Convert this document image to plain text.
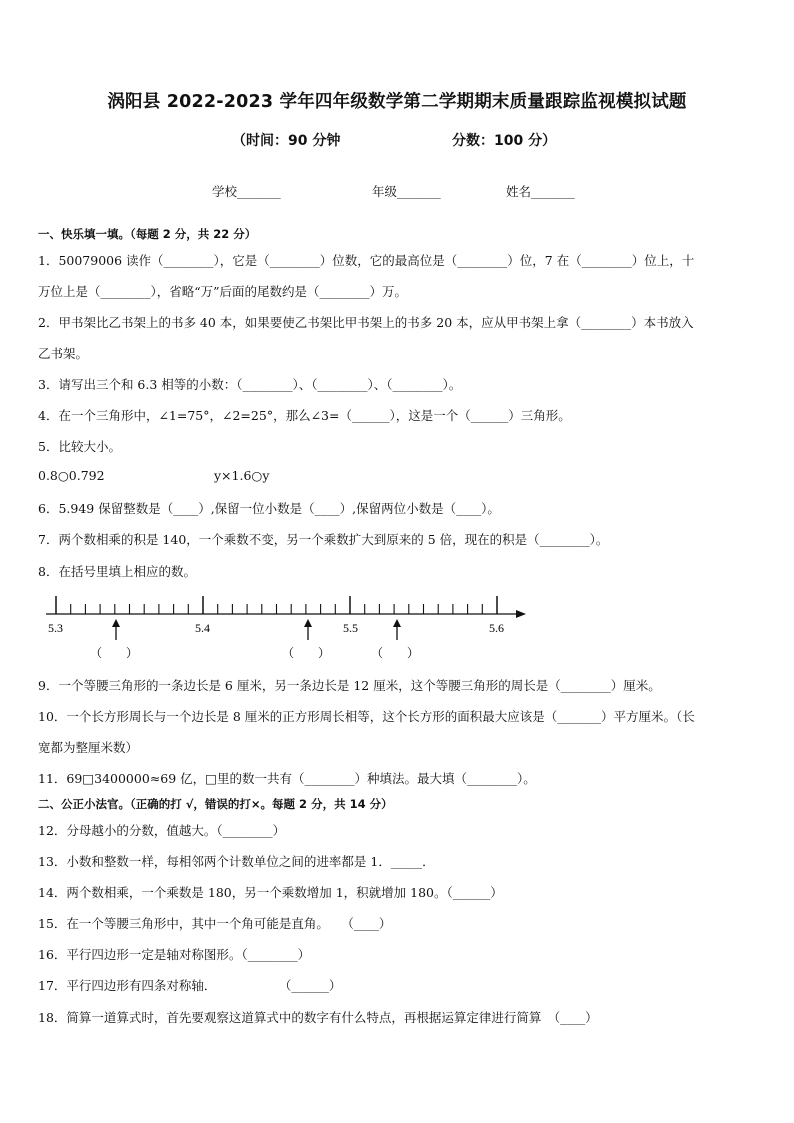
涡阳县 2022-2023 学年四年级数学第二学期期末质量跟踪监视模拟试题
（时间：90 分钟	分数：100 分）
学校_______	年级_______	姓名_______
一、快乐填一填。（每题 2 分，共 22 分）
1．50079006 读作（________），它是（________）位数，它的最高位是（________）位，7 在（________）位上，十
万位上是（________），省略“万”后面的尾数约是（________）万。
2．甲书架比乙书架上的书多 40 本，如果要使乙书架比甲书架上的书多 20 本，应从甲书架上拿（________）本书放入
乙书架。
3．请写出三个和 6.3 相等的小数：（________）、（________）、（________）。
4．在一个三角形中，∠1=75°，∠2=25°，那么∠3=（______），这是一个（______）三角形。
5．比较大小。
0.8○0.792	y×1.6○y
6．5.949 保留整数是（____）,保留一位小数是（____）,保留两位小数是（____）。
7．两个数相乘的积是 140，一个乘数不变，另一个乘数扩大到原来的 5 倍，现在的积是（________）。
8．在括号里填上相应的数。
5.3	5.4	5.5	5.6
（　　）	（　　）	（　　）
9．一个等腰三角形的一条边长是 6 厘米，另一条边长是 12 厘米，这个等腰三角形的周长是（________）厘米。
10．一个长方形周长与一个边长是 8 厘米的正方形周长相等，这个长方形的面积最大应该是（_______）平方厘米。（长
宽都为整厘米数）
11．69□3400000≈69 亿，□里的数一共有（________）种填法。最大填（________）。
二、公正小法官。（正确的打 √，错误的打×。每题 2 分，共 14 分）
12．分母越小的分数，值越大。（________）
13．小数和整数一样，每相邻两个计数单位之间的进率都是 1．_____．
14．两个数相乘，一个乘数是 180，另一个乘数增加 1，积就增加 180。（______）
15．在一个等腰三角形中，其中一个角可能是直角。　　（____）
16．平行四边形一定是轴对称图形。（________）
17．平行四边形有四条对称轴．　　　　　　（______）
18．简算一道算式时，首先要观察这道算式中的数字有什么特点，再根据运算定律进行简算　（____）
